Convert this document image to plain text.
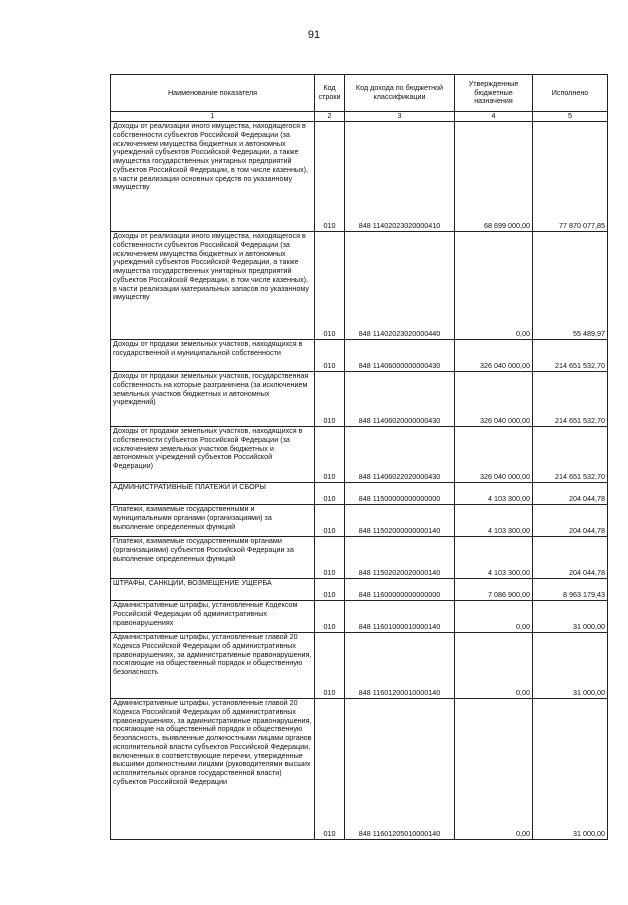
91
Наименование показателя	Код строки	Код дохода по бюджетной классификации	Утвержденные бюджетные назначения	Исполнено
1	2	3	4	5
Доходы от реализации иного имущества, находящегося в собственности субъектов Российской Федерации (за исключением имущества бюджетных и автономных учреждений субъектов Российской Федерации, а также имущества государственных унитарных предприятий субъектов Российской Федерации, в том числе казенных), в части реализации основных средств по указанному имуществу	010	848 11402023020000410	68 699 000,00	77 870 077,85
Доходы от реализации иного имущества, находящегося в собственности субъектов Российской Федерации (за исключением имущества бюджетных и автономных учреждений субъектов Российской Федерации, а также имущества государственных унитарных предприятий субъектов Российской Федерации, в том числе казенных), в части реализации материальных запасов по указанному имуществу	010	848 11402023020000440	0,00	55 489,97
Доходы от продажи земельных участков, находящихся в государственной и муниципальной собственности	010	848 11406000000000430	326 040 000,00	214 651 532,70
Доходы от продажи земельных участков, государственная собственность на которые разграничена (за исключением земельных участков бюджетных и автономных учреждений)	010	848 11406020000000430	326 040 000,00	214 651 532,70
Доходы от продажи земельных участков, находящихся в собственности субъектов Российской Федерации (за исключением земельных участков бюджетных и автономных учреждений субъектов Российской Федерации)	010	848 11406022020000430	326 040 000,00	214 651 532,70
АДМИНИСТРАТИВНЫЕ ПЛАТЕЖИ И СБОРЫ	010	848 11500000000000000	4 103 300,00	204 044,78
Платежи, взимаемые государственными и муниципальными органами (организациями) за выполнение определенных функций	010	848 11502000000000140	4 103 300,00	204 044,78
Платежи, взимаемые государственными органами (организациями) субъектов Российской Федерации за выполнение определенных функций	010	848 11502020020000140	4 103 300,00	204 044,78
ШТРАФЫ, САНКЦИИ, ВОЗМЕЩЕНИЕ УЩЕРБА	010	848 11600000000000000	7 086 900,00	8 963 179,43
Административные штрафы, установленные Кодексом Российской Федерации об административных правонарушениях	010	848 11601000010000140	0,00	31 000,00
Административные штрафы, установленные главой 20 Кодекса Российской Федерации об административных правонарушениях, за административные правонарушения, посягающие на общественный порядок и общественную безопасность	010	848 11601200010000140	0,00	31 000,00
Административные штрафы, установленные главой 20 Кодекса Российской Федерации об административных правонарушениях, за административные правонарушения, посягающие на общественный порядок и общественную безопасность, выявленные должностными лицами органов исполнительной власти субъектов Российской Федерации, включенных в соответствующие перечни, утвержденные высшими должностными лицами (руководителями высших исполнительных органов государственной власти) субъектов Российской Федерации	010	848 11601205010000140	0,00	31 000,00
